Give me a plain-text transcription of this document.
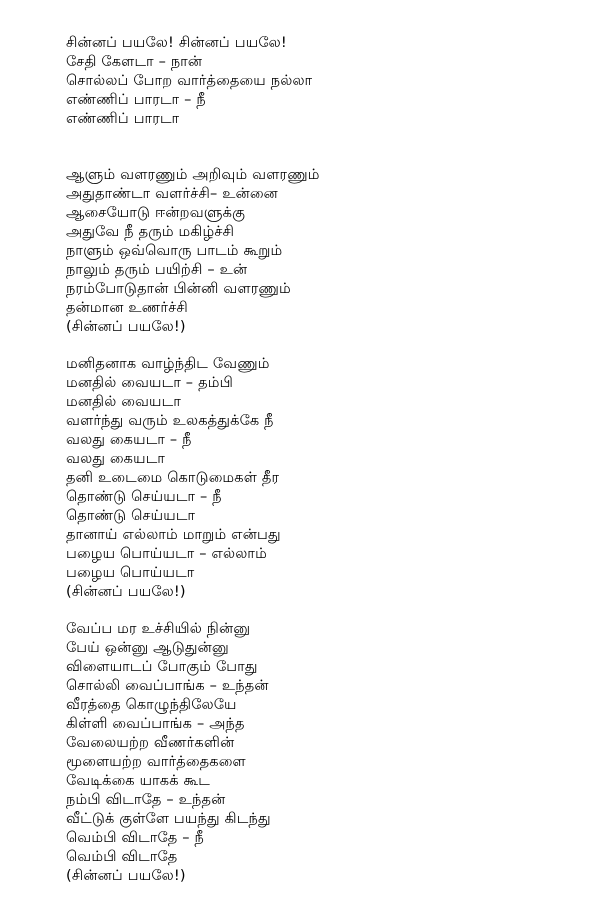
சின்னப் பயலே! சின்னப் பயலே!
சேதி கேளடா – நான்
சொல்லப் போற வார்த்தையை நல்லா
எண்ணிப் பாரடா – நீ
எண்ணிப் பாரடா
ஆளும் வளரணும் அறிவும் வளரணும்
அதுதாண்டா வளர்ச்சி– உன்னை
ஆசையோடு ஈன்றவளுக்கு
அதுவே நீ தரும் மகிழ்ச்சி
நாளும் ஒவ்வொரு பாடம் கூறும்
நாலும் தரும் பயிற்சி – உன்
நரம்போடுதான் பின்னி வளரணும்
தன்மான உணர்ச்சி
(சின்னப் பயலே!)
மனிதனாக வாழ்ந்திட வேணும்
மனதில் வையடா – தம்பி
மனதில் வையடா
வளர்ந்து வரும் உலகத்துக்கே நீ
வலது கையடா – நீ
வலது கையடா
தனி உடைமை கொடுமைகள் தீர
தொண்டு செய்யடா – நீ
தொண்டு செய்யடா
தானாய் எல்லாம் மாறும் என்பது
பழைய பொய்யடா – எல்லாம்
பழைய பொய்யடா
(சின்னப் பயலே!)
வேப்ப மர உச்சியில் நின்னு
பேய் ஒன்னு ஆடுதுன்னு
விளையாடப் போகும் போது
சொல்லி வைப்பாங்க – உந்தன்
வீரத்தை கொழுந்திலேயே
கிள்ளி வைப்பாங்க – அந்த
வேலையற்ற வீணர்களின்
மூளையற்ற வார்த்தைகளை
வேடிக்கை யாகக் கூட
நம்பி விடாதே – உந்தன்
வீட்டுக் குள்ளே பயந்து கிடந்து
வெம்பி விடாதே – நீ
வெம்பி விடாதே
(சின்னப் பயலே!)
